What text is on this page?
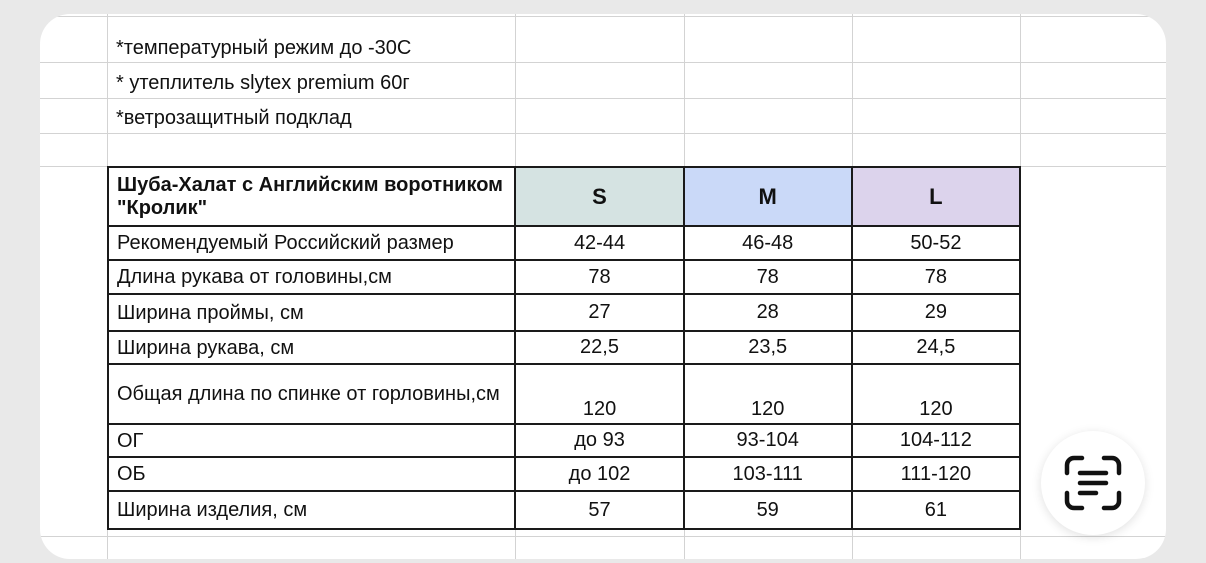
*температурный режим до -30С
* утеплитель slytex premium 60г
*ветрозащитный подклад
Шуба-Халат с Английским воротником "Кролик"	S	M	L
Рекомендуемый Российский размер	42-44	46-48	50-52
Длина рукава от головины,см	78	78	78
Ширина проймы, см	27	28	29
Ширина рукава, см	22,5	23,5	24,5
Общая длина по спинке от горловины,см	120	120	120
ОГ	до 93	93-104	104-112
ОБ	до 102	103-111	111-120
Ширина изделия, см	57	59	61
